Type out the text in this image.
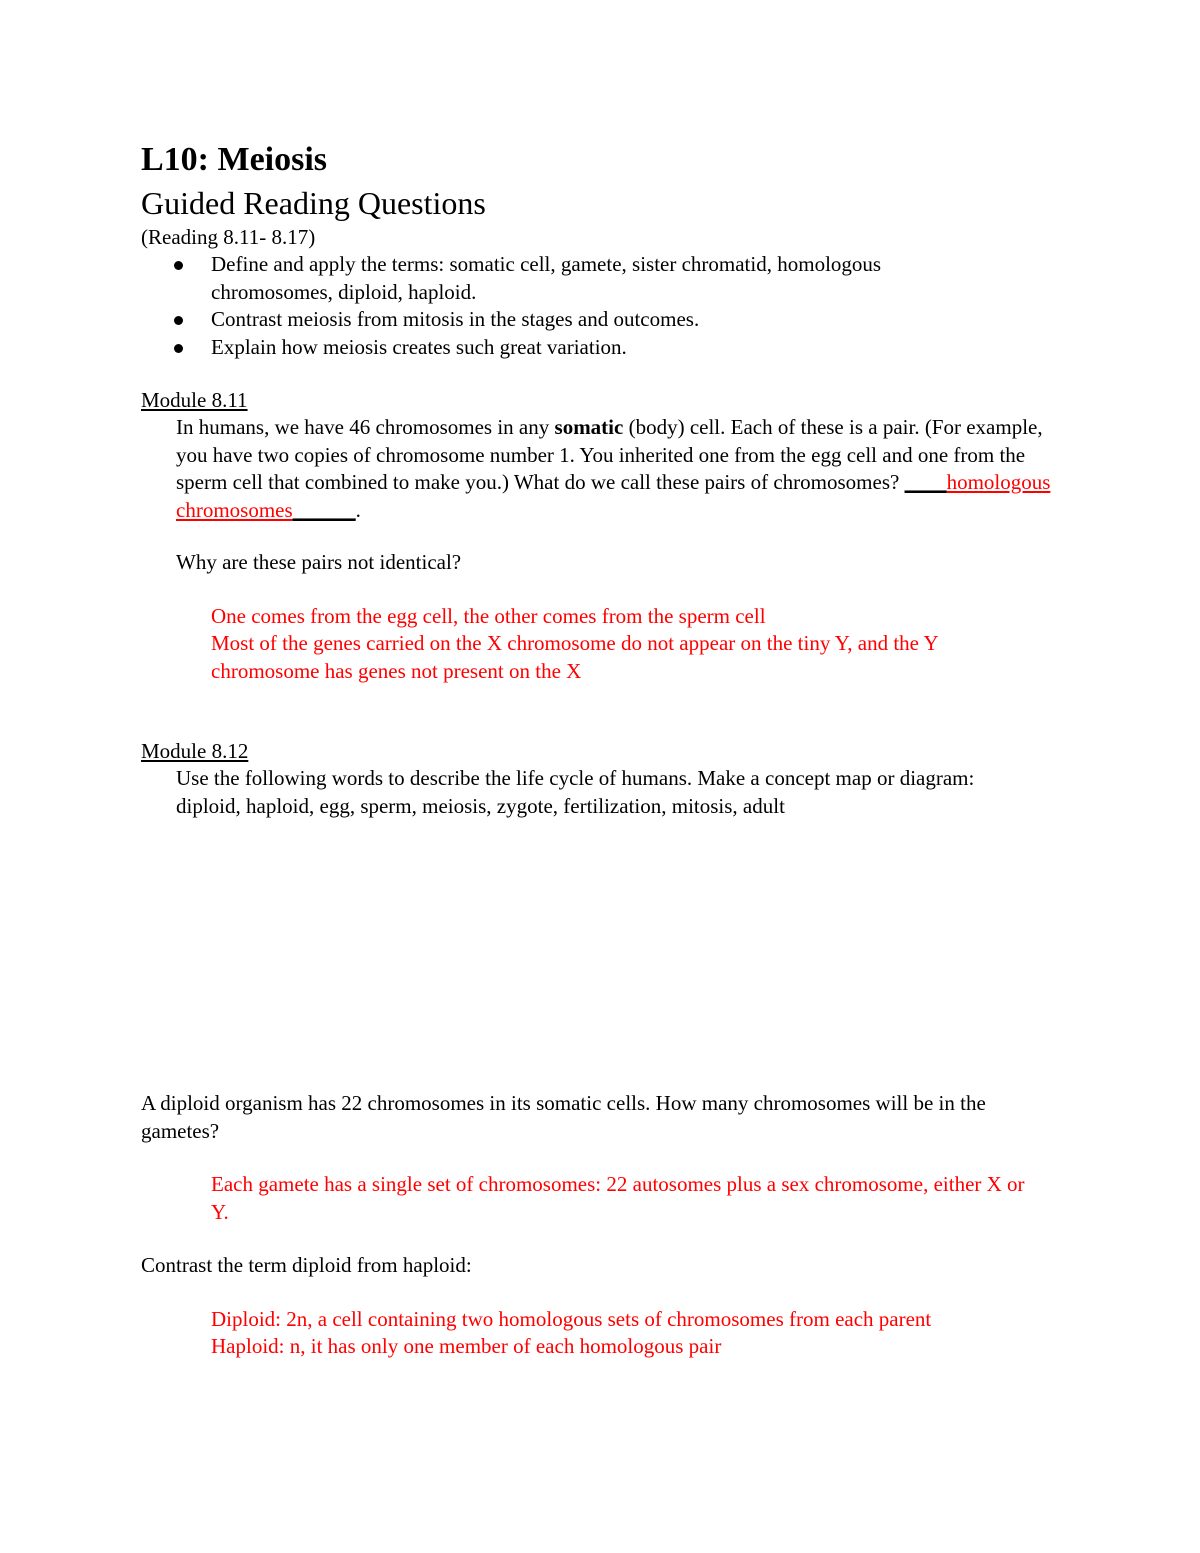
L10: Meiosis
Guided Reading Questions
(Reading 8.11- 8.17)
Define and apply the terms: somatic cell, gamete, sister chromatid, homologous chromosomes, diploid, haploid.
Contrast meiosis from mitosis in the stages and outcomes.
Explain how meiosis creates such great variation.
Module 8.11
In humans, we have 46 chromosomes in any somatic (body) cell. Each of these is a pair. (For example, you have two copies of chromosome number 1. You inherited one from the egg cell and one from the sperm cell that combined to make you.) What do we call these pairs of chromosomes? ____homologous chromosomes______.
Why are these pairs not identical?
One comes from the egg cell, the other comes from the sperm cell
Most of the genes carried on the X chromosome do not appear on the tiny Y, and the Y chromosome has genes not present on the X
Module 8.12
Use the following words to describe the life cycle of humans. Make a concept map or diagram: diploid, haploid, egg, sperm, meiosis, zygote, fertilization, mitosis, adult
A diploid organism has 22 chromosomes in its somatic cells. How many chromosomes will be in the gametes?
Each gamete has a single set of chromosomes: 22 autosomes plus a sex chromosome, either X or Y.
Contrast the term diploid from haploid:
Diploid: 2n, a cell containing two homologous sets of chromosomes from each parent
Haploid: n, it has only one member of each homologous pair
